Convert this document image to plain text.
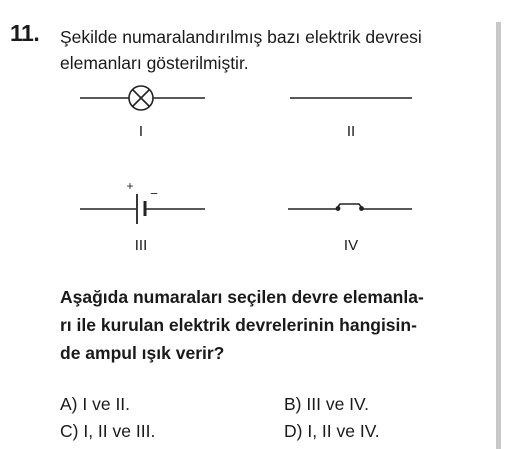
11. Şekilde numaralandırılmış bazı elektrik devresi
elemanları gösterilmiştir.
+ −
I	II
III	IV
Aşağıda numaraları seçilen devre elemanla-
rı ile kurulan elektrik devrelerinin hangisin-
de ampul ışık verir?
A) I ve II.	B) III ve IV.
C) I, II ve III.	D) I, II ve IV.
